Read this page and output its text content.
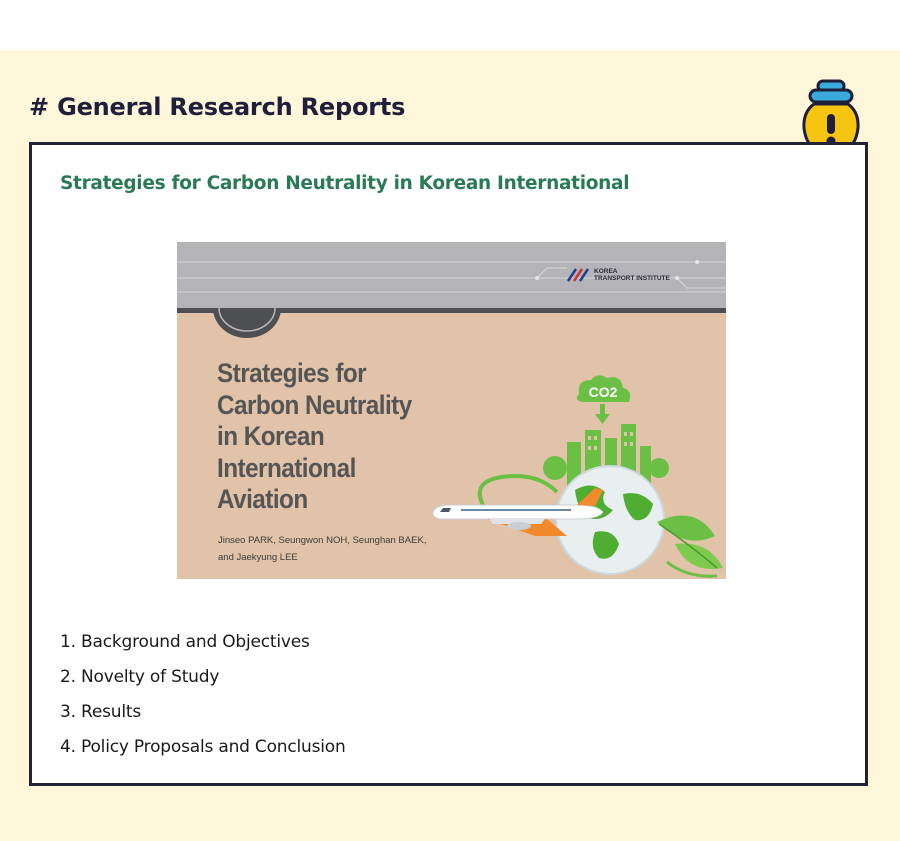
# General Research Reports
Strategies for Carbon Neutrality in Korean International
KOREA
TRANSPORT INSTITUTE
Strategies for
Carbon Neutrality
in Korean
International
Aviation
Jinseo PARK, Seungwon NOH, Seunghan BAEK,
and Jaekyung LEE
CO2
1. Background and Objectives
2. Novelty of Study
3. Results
4. Policy Proposals and Conclusion
